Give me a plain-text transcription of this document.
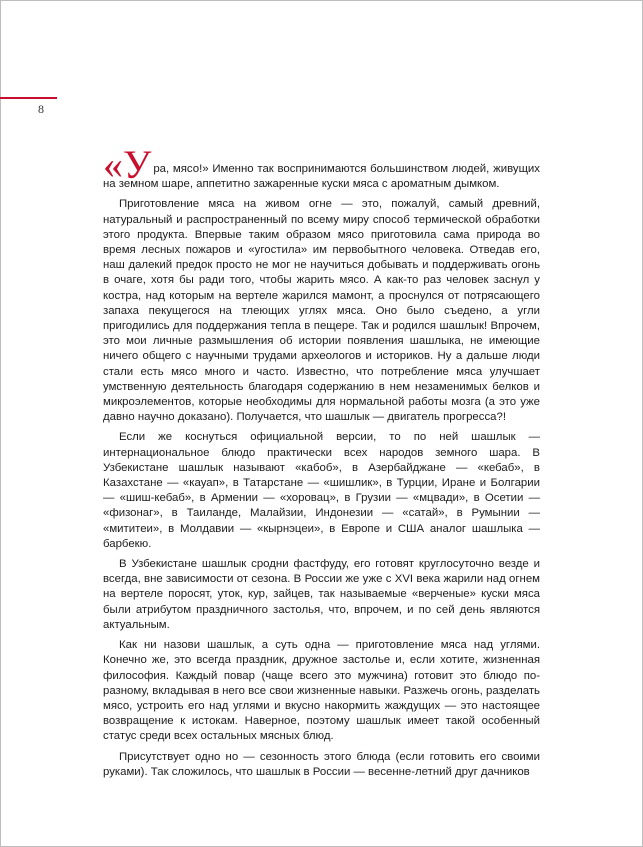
8

«Ура, мясо!» Именно так воспринимаются большинством людей, живущих на земном шаре, аппетитно зажаренные куски мяса с ароматным дымком.

Приготовление мяса на живом огне — это, пожалуй, самый древний, натуральный и распространенный по всему миру способ термической обработки этого продукта. Впервые таким образом мясо приготовила сама природа во время лесных пожаров и «угостила» им первобытного человека. Отведав его, наш далекий предок просто не мог не научиться добывать и поддерживать огонь в очаге, хотя бы ради того, чтобы жарить мясо. А как-то раз человек заснул у костра, над которым на вертеле жарился мамонт, а проснулся от потрясающего запаха пекущегося на тлеющих углях мяса. Оно было съедено, а угли пригодились для поддержания тепла в пещере. Так и родился шашлык! Впрочем, это мои личные размышления об истории появления шашлыка, не имеющие ничего общего с научными трудами археологов и историков. Ну а дальше люди стали есть мясо много и часто. Известно, что потребление мяса улучшает умственную деятельность благодаря содержанию в нем незаменимых белков и микроэлементов, которые необходимы для нормальной работы мозга (а это уже давно научно доказано). Получается, что шашлык — двигатель прогресса?!

Если же коснуться официальной версии, то по ней шашлык — интернациональное блюдо практически всех народов земного шара. В Узбекистане шашлык называют «кабоб», в Азербайджане — «кебаб», в Казахстане — «кауап», в Татарстане — «шишлик», в Турции, Иране и Болгарии — «шиш-кебаб», в Армении — «хоровац», в Грузии — «мцвади», в Осетии — «физонаг», в Таиланде, Малайзии, Индонезии — «сатай», в Румынии — «мититеи», в Молдавии — «кырнэцеи», в Европе и США аналог шашлыка — барбекю.

В Узбекистане шашлык сродни фастфуду, его готовят круглосуточно везде и всегда, вне зависимости от сезона. В России же уже с XVI века жарили над огнем на вертеле поросят, уток, кур, зайцев, так называемые «верченые» куски мяса были атрибутом праздничного застолья, что, впрочем, и по сей день являются актуальным.

Как ни назови шашлык, а суть одна — приготовление мяса над углями. Конечно же, это всегда праздник, дружное застолье и, если хотите, жизненная философия. Каждый повар (чаще всего это мужчина) готовит это блюдо по-разному, вкладывая в него все свои жизненные навыки. Разжечь огонь, разделать мясо, устроить его над углями и вкусно накормить жаждущих — это настоящее возвращение к истокам. Наверное, поэтому шашлык имеет такой особенный статус среди всех остальных мясных блюд.

Присутствует одно но — сезонность этого блюда (если готовить его своими руками). Так сложилось, что шашлык в России — весенне-летний друг дачников
